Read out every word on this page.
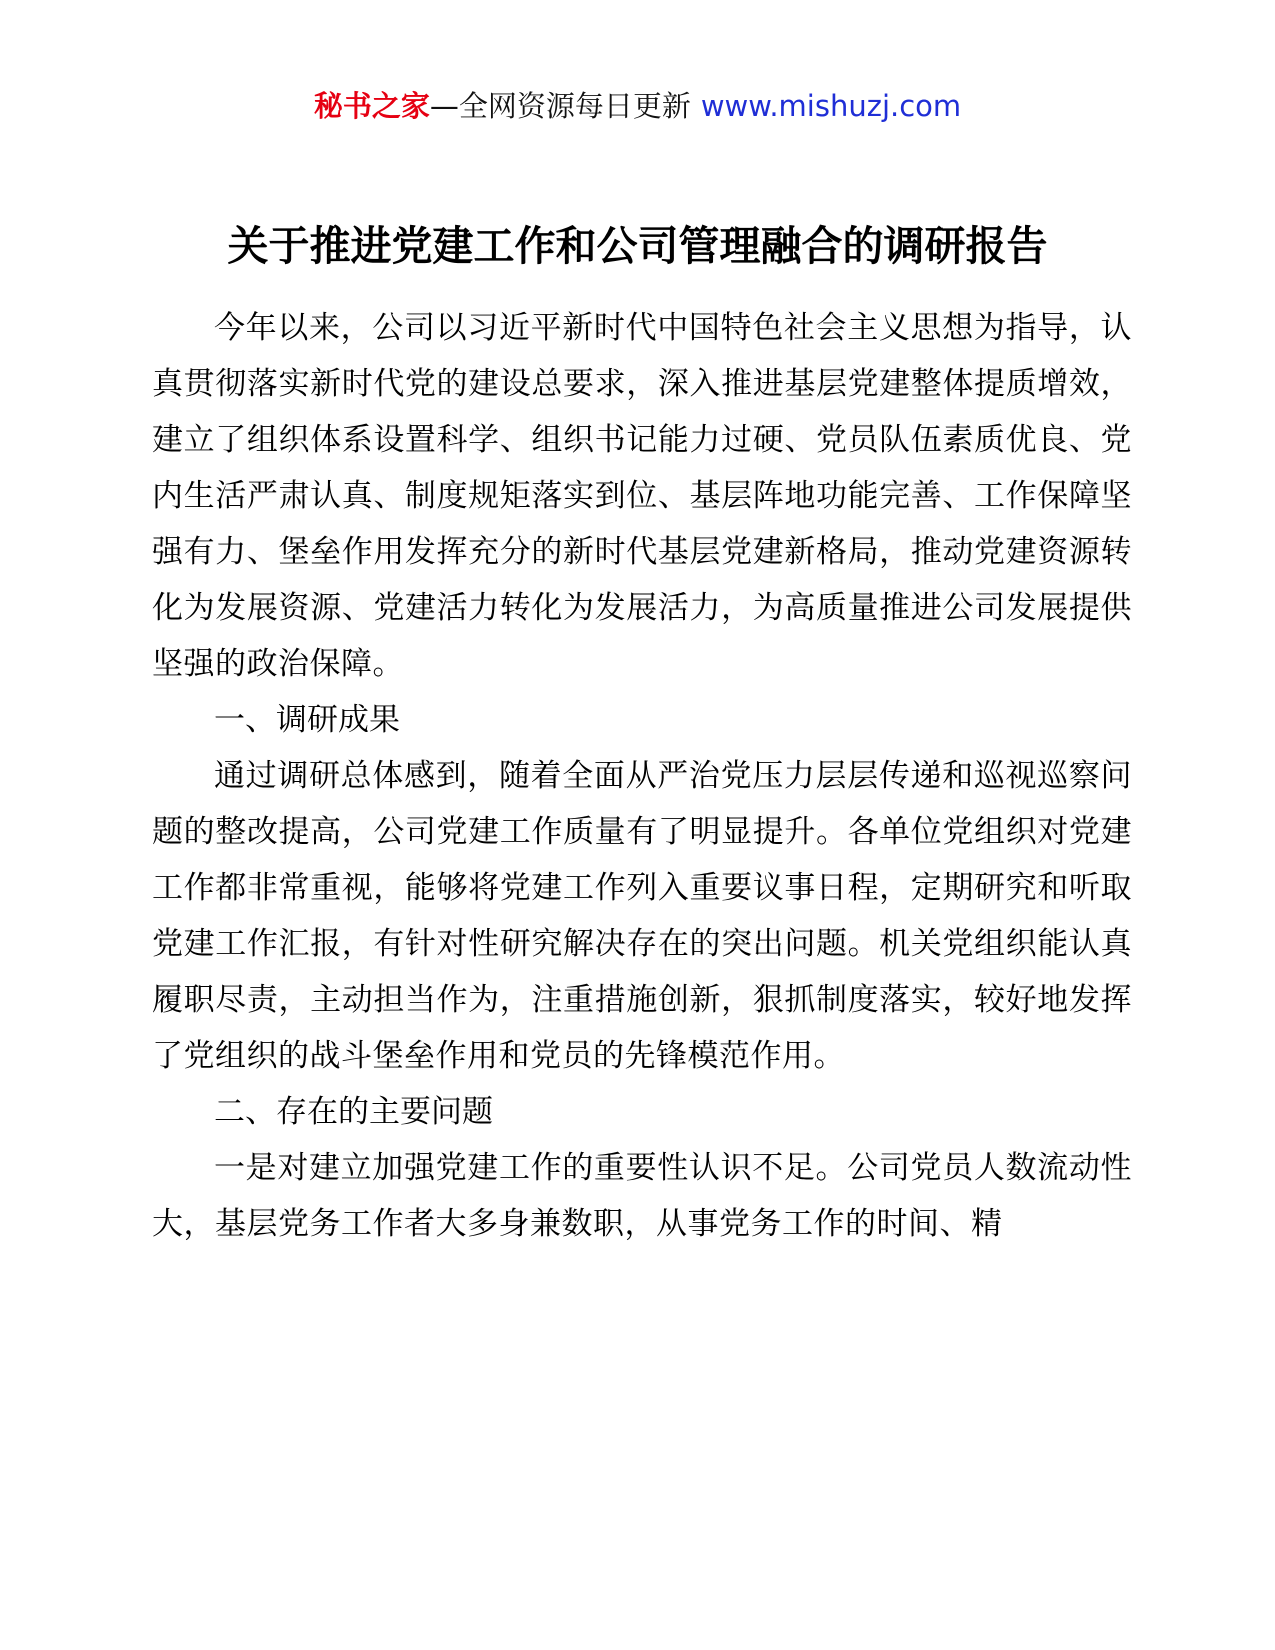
秘书之家—全网资源每日更新 www.mishuzj.com
关于推进党建工作和公司管理融合的调研报告

今年以来，公司以习近平新时代中国特色社会主义思想为指导，认真贯彻落实新时代党的建设总要求，深入推进基层党建整体提质增效，建立了组织体系设置科学、组织书记能力过硬、党员队伍素质优良、党内生活严肃认真、制度规矩落实到位、基层阵地功能完善、工作保障坚强有力、堡垒作用发挥充分的新时代基层党建新格局，推动党建资源转化为发展资源、党建活力转化为发展活力，为高质量推进公司发展提供坚强的政治保障。

一、调研成果

通过调研总体感到，随着全面从严治党压力层层传递和巡视巡察问题的整改提高，公司党建工作质量有了明显提升。各单位党组织对党建工作都非常重视，能够将党建工作列入重要议事日程，定期研究和听取党建工作汇报，有针对性研究解决存在的突出问题。机关党组织能认真履职尽责，主动担当作为，注重措施创新，狠抓制度落实，较好地发挥了党组织的战斗堡垒作用和党员的先锋模范作用。

二、存在的主要问题

一是对建立加强党建工作的重要性认识不足。公司党员人数流动性大，基层党务工作者大多身兼数职，从事党务工作的时间、精
